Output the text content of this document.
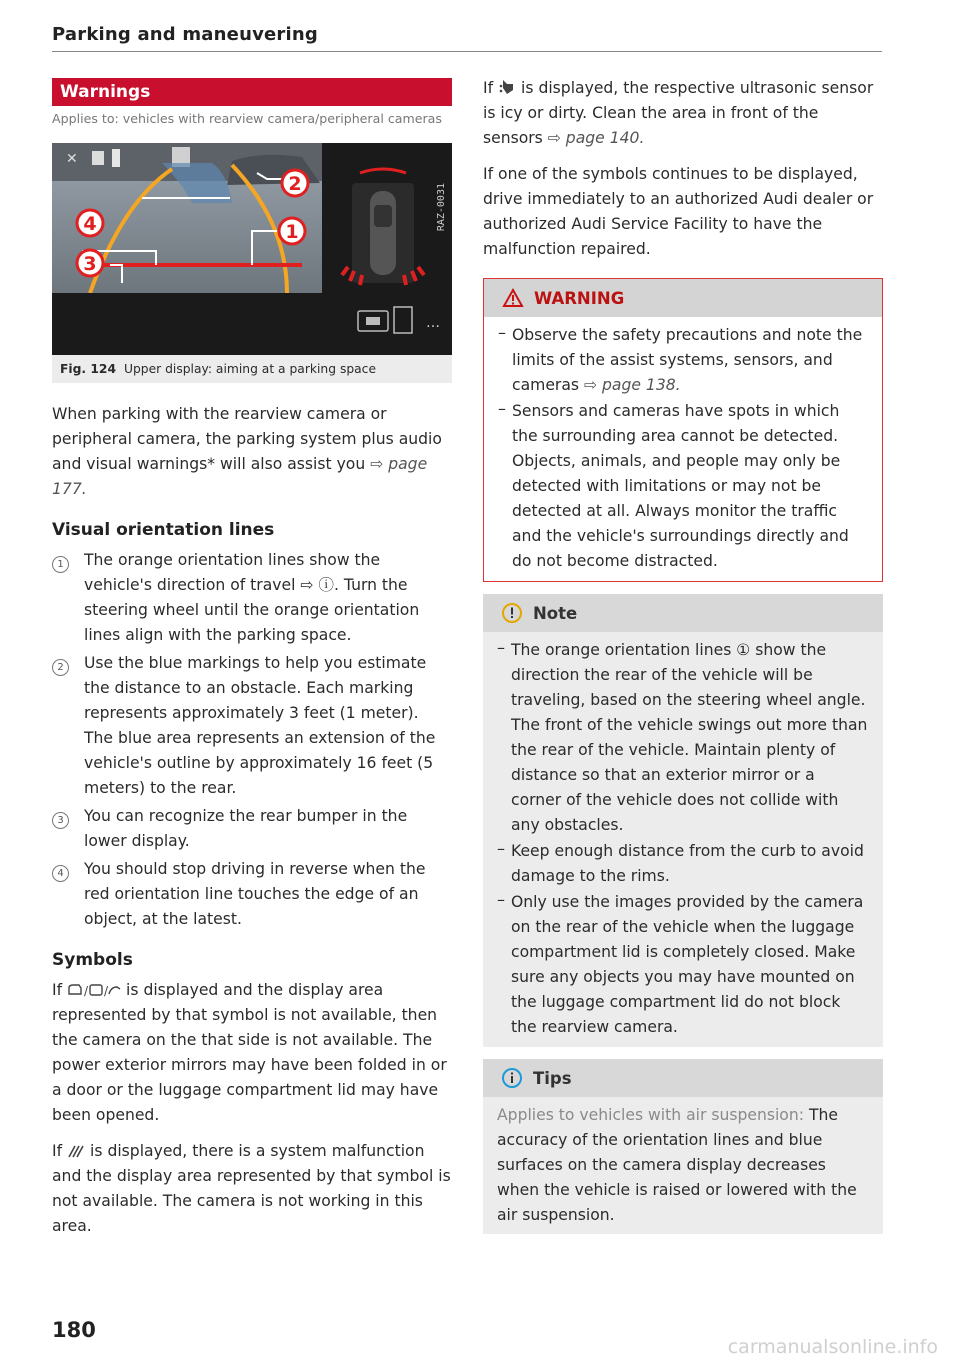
Parking and maneuvering
Warnings
Applies to: vehicles with rearview camera/peripheral cameras
✕
2
1
4
3
RAZ-0031
…
Fig. 124 Upper display: aiming at a parking space

When parking with the rearview camera or peripheral camera, the parking system plus audio and visual warnings* will also assist you ⇨ page 177.

Visual orientation lines
1	The orange orientation lines show the vehicle's direction of travel ⇨ ⓘ. Turn the steering wheel until the orange orientation lines align with the parking space.

2	Use the blue markings to help you estimate the distance to an obstacle. Each marking represents approximately 3 feet (1 meter). The blue area represents an extension of the vehicle's outline by approximately 16 feet (5 meters) to the rear.

3	You can recognize the rear bumper in the lower display.

4	You should stop driving in reverse when the red orientation line touches the edge of an object, at the latest.

Symbols

If / / is displayed and the display area represented by that symbol is not available, then the camera on the that side is not available. The power exterior mirrors may have been folded in or a door or the luggage compartment lid may have been opened.

If is displayed, there is a system malfunction and the display area represented by that symbol is not available. The camera is not working in this area.

If is displayed, the respective ultrasonic sensor is icy or dirty. Clean the area in front of the sensors ⇨ page 140.

If one of the symbols continues to be displayed, drive immediately to an authorized Audi dealer or authorized Audi Service Facility to have the malfunction repaired.

WARNING
– Observe the safety precautions and note the limits of the assist systems, sensors, and cameras ⇨ page 138.

– Sensors and cameras have spots in which the surrounding area cannot be detected. Objects, animals, and people may only be detected with limitations or may not be detected at all. Always monitor the traffic and the vehicle's surroundings directly and do not become distracted.

Note
– The orange orientation lines ① show the direction the rear of the vehicle will be traveling, based on the steering wheel angle. The front of the vehicle swings out more than the rear of the vehicle. Maintain plenty of distance so that an exterior mirror or a corner of the vehicle does not collide with any obstacles.

– Keep enough distance from the curb to avoid damage to the rims.

– Only use the images provided by the camera on the rear of the vehicle when the luggage compartment lid is completely closed. Make sure any objects you may have mounted on the luggage compartment lid do not block the rearview camera.

Tips

Applies to vehicles with air suspension: The accuracy of the orientation lines and blue surfaces on the camera display decreases when the vehicle is raised or lowered with the air suspension.

180
carmanualsonline.info
